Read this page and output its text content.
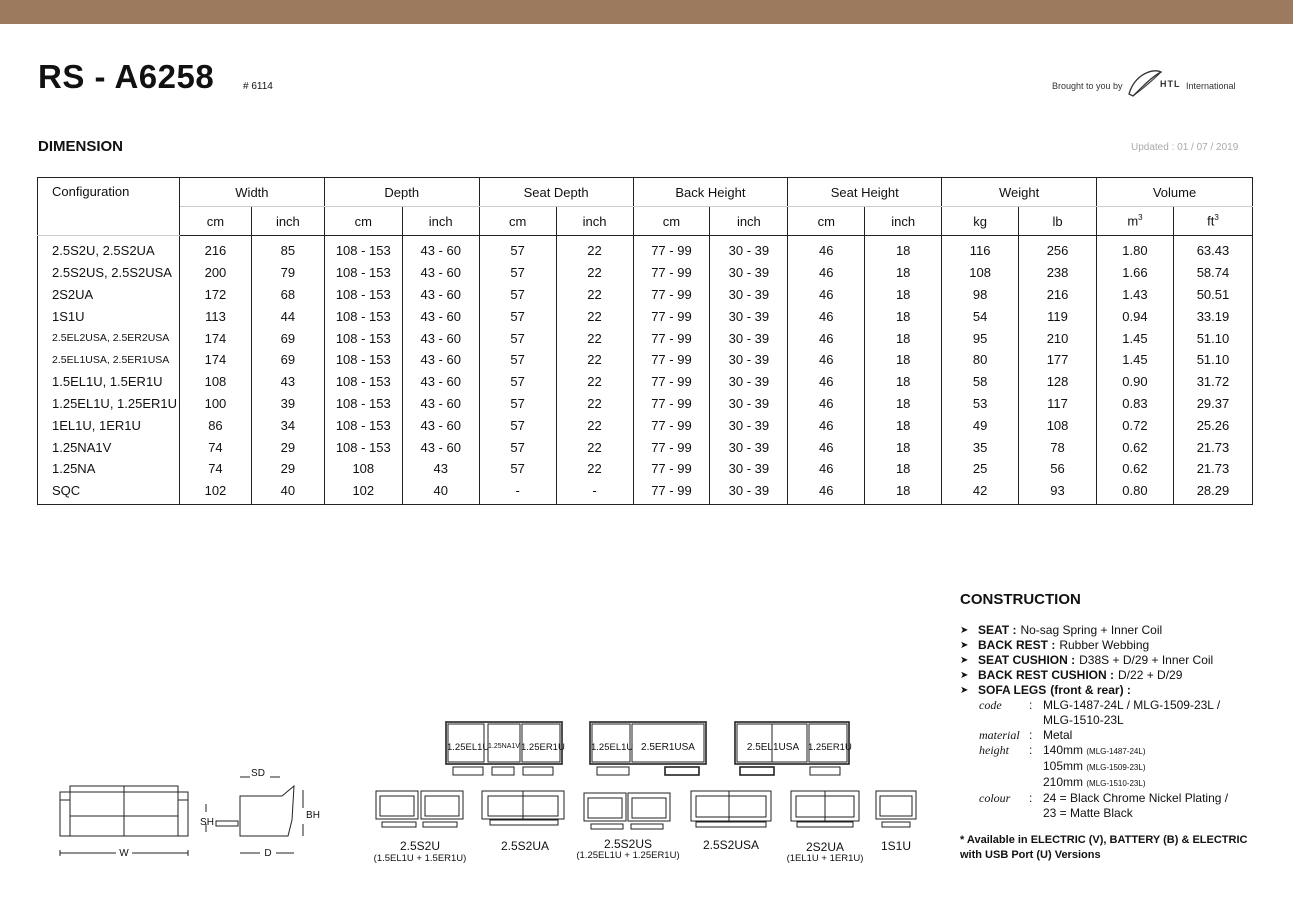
RS - A6258	# 6114	Brought to you by	HTL International
DIMENSION	Updated : 01 / 07 / 2019
Configuration	Width		Depth		Seat Depth		Back Height		Seat Height		Weight		Volume	
	cm	inch	cm	inch	cm	inch	cm	inch	cm	inch	kg	lb	$m^3$	$ft^3$
2.5S2U, 2.5S2UA	216	85	108 - 153	43 - 60	57	22	77 - 99	30 - 39	46	18	116	256	1.80	63.43
2.5S2US, 2.5S2USA	200	79	108 - 153	43 - 60	57	22	77 - 99	30 - 39	46	18	108	238	1.66	58.74
2S2UA	172	68	108 - 153	43 - 60	57	22	77 - 99	30 - 39	46	18	98	216	1.43	50.51
1S1U	113	44	108 - 153	43 - 60	57	22	77 - 99	30 - 39	46	18	54	119	0.94	33.19
2.5EL2USA, 2.5ER2USA	174	69	108 - 153	43 - 60	57	22	77 - 99	30 - 39	46	18	95	210	1.45	51.10
2.5EL1USA, 2.5ER1USA	174	69	108 - 153	43 - 60	57	22	77 - 99	30 - 39	46	18	80	177	1.45	51.10
1.5EL1U, 1.5ER1U	108	43	108 - 153	43 - 60	57	22	77 - 99	30 - 39	46	18	58	128	0.90	31.72
1.25EL1U, 1.25ER1U	100	39	108 - 153	43 - 60	57	22	77 - 99	30 - 39	46	18	53	117	0.83	29.37
1EL1U, 1ER1U	86	34	108 - 153	43 - 60	57	22	77 - 99	30 - 39	46	18	49	108	0.72	25.26
1.25NA1V	74	29	108 - 153	43 - 60	57	22	77 - 99	30 - 39	46	18	35	78	0.62	21.73
1.25NA	74	29	108	43	57	22	77 - 99	30 - 39	46	18	25	56	0.62	21.73
SQC	102	40	102	40	-	-	77 - 99	30 - 39	46	18	42	93	0.80	28.29
SD
SH
BH
W	D
1.25EL1U
1.25NA1V 1.25ER1U	1.25EL1U 2.5ER1USA	2.5EL1USA 1.25ER1U
2.5S2U
(1.5EL1U + 1.5ER1U)
2.5S2UA	2.5S2US
(1.25EL1U + 1.25ER1U)
2.5S2USA	2S2UA
(1EL1U + 1ER1U)
1S1U
CONSTRUCTION
➤ SEAT : No-sag Spring + Inner Coil
➤ BACK REST : Rubber Webbing
➤ SEAT CUSHION : D38S + D/29 + Inner Coil
➤ BACK REST CUSHION : D/22 + D/29
➤ SOFA LEGS (front & rear) :
code	: MLG-1487-24L / MLG-1509-23L /
MLG-1510-23L
material : Metal
height	: 140mm (MLG-1487-24L)
105mm (MLG-1509-23L)
210mm (MLG-1510-23L)
colour	: 24 = Black Chrome Nickel Plating /
23 = Matte Black
* Available in ELECTRIC (V), BATTERY (B) & ELECTRIC
with USB Port (U) Versions
